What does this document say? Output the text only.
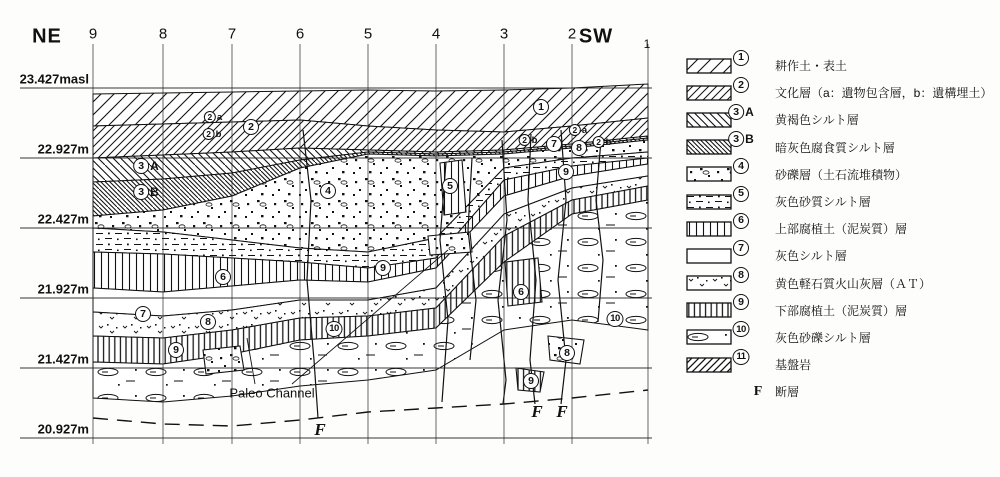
NE	SW
9	8	7	6	5	4	3	2
1
23.427masl
22.927m
22.427m
21.927m
21.427m
20.927m
1
2 a
2
2 b
3 A
3 B	4	5
2 b	7
2 a
8	2 b
9
6
7
8
9
10
9
6
10
8
9
Paleo Channel
F
F F
1
耕作土・表土
2
文化層（a：遺物包含層，b：遺構埋土）
3 A
黄褐色シルト層
3 B
暗灰色腐食質シルト層
4
砂礫層（土石流堆積物）
5
灰色砂質シルト層
6
上部腐植土（泥炭質）層
7
灰色シルト層
8
黄色軽石質火山灰層（ＡＴ）
9
下部腐植土（泥炭質）層
10
灰色砂礫シルト層
11
基盤岩
F	断層
